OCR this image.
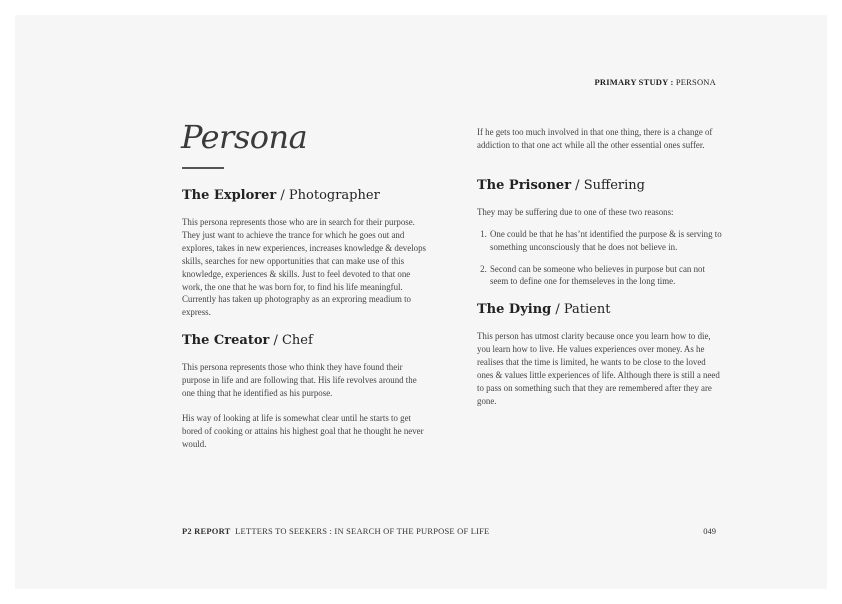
PRIMARY STUDY : PERSONA
Persona
The Explorer / Photographer

This persona represents those who are in search for their purpose. They just want to achieve the trance for which he goes out and explores, takes in new experiences, increases knowledge & develops skills, searches for new opportunities that can make use of this knowledge, experiences & skills. Just to feel devoted to that one work, the one that he was born for, to find his life meaningful. Currently has taken up photography as an exproring meadium to express.

The Creator / Chef

This persona represents those who think they have found their purpose in life and are following that. His life revolves around the one thing that he identified as his purpose.

His way of looking at life is somewhat clear until he starts to get bored of cooking or attains his highest goal that he thought he never would.

If he gets too much involved in that one thing, there is a change of addiction to that one act while all the other essential ones suffer.

The Prisoner / Suffering

They may be suffering due to one of these two reasons:

1. One could be that he has’nt identified the purpose & is serving to something unconsciously that he does not believe in.
2. Second can be someone who believes in purpose but can not seem to define one for themseleves in the long time.
The Dying / Patient

This person has utmost clarity because once you learn how to die, you learn how to live. He values experiences over money. As he realises that the time is limited, he wants to be close to the loved ones & values little experiences of life. Although there is still a need to pass on something such that they are remembered after they are gone.

P2 REPORT  LETTERS TO SEEKERS : IN SEARCH OF THE PURPOSE OF LIFE	049
